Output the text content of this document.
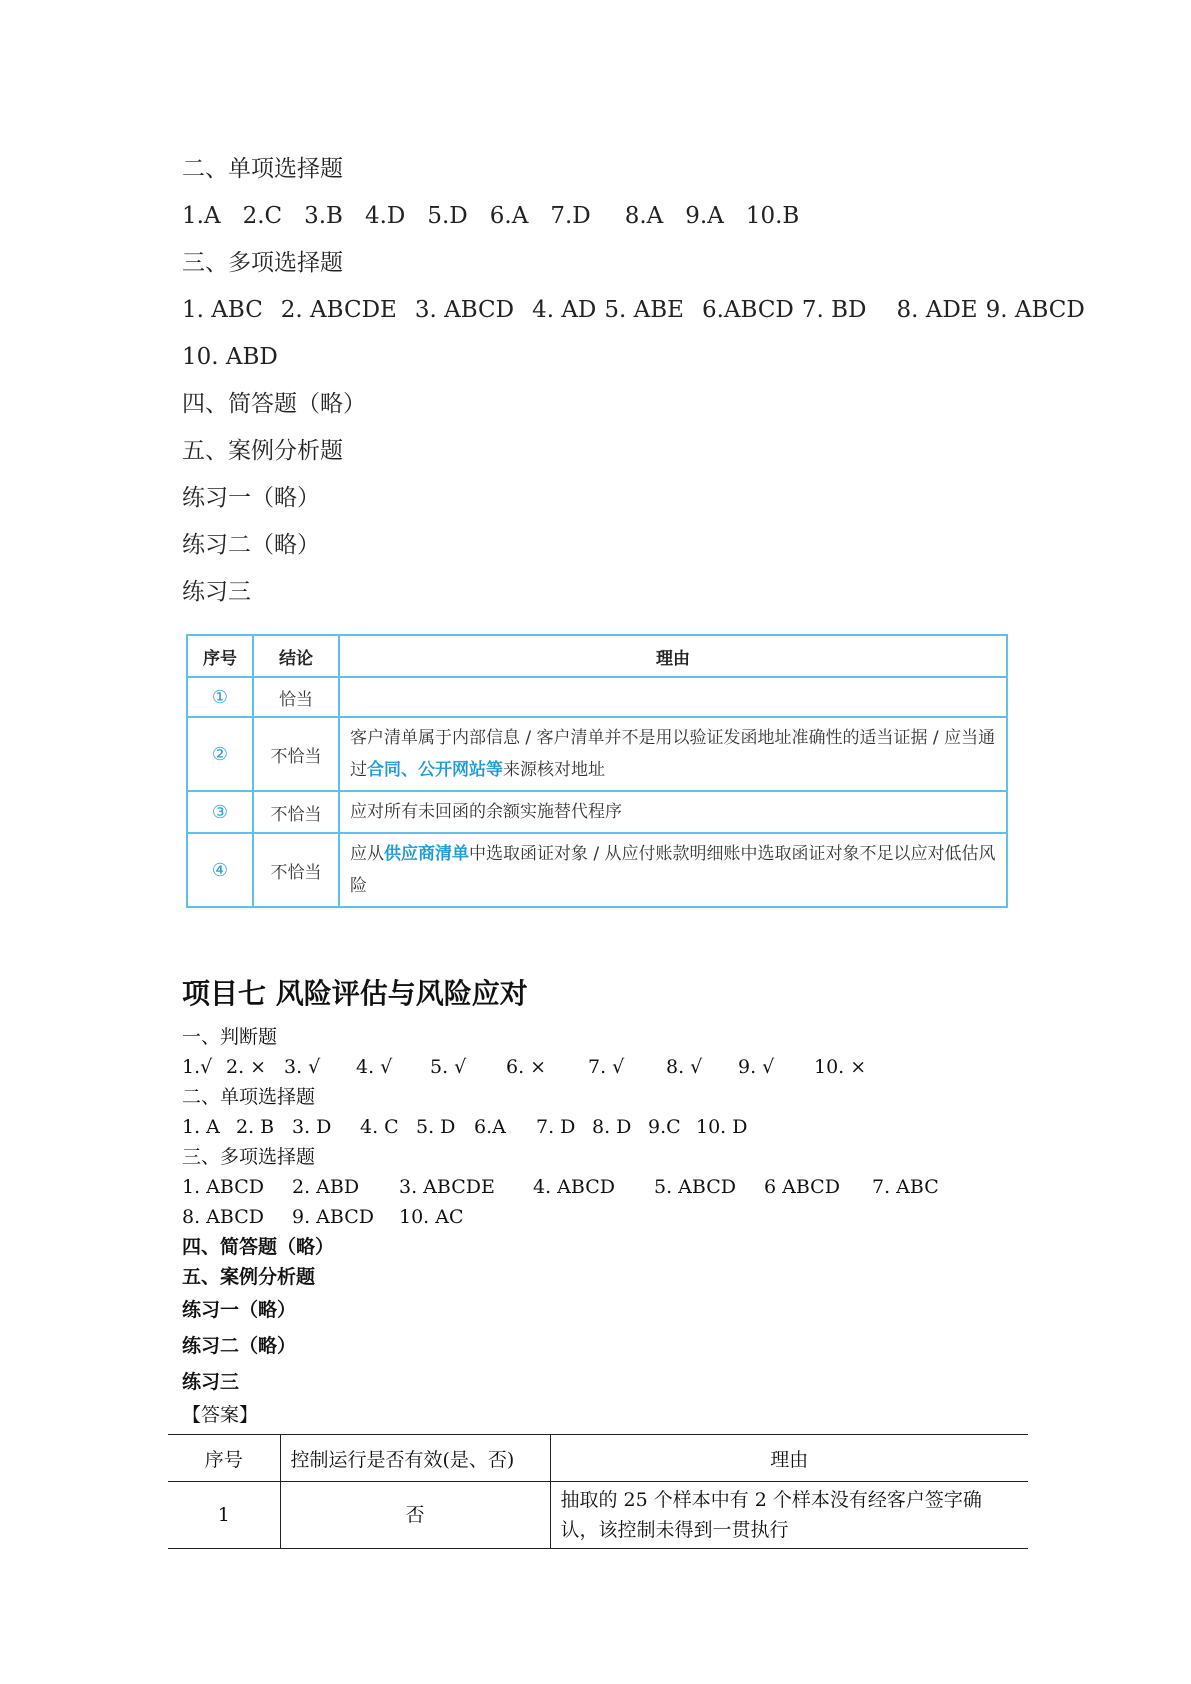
二、单项选择题
1.A 2.C 3.B 4.D 5.D 6.A 7.D 8.A 9.A 10.B
三、多项选择题
1. ABC 2. ABCDE 3. ABCD 4. AD 5. ABE 6.ABCD 7. BD 8. ADE 9. ABCD
10. ABD
四、简答题（略）
五、案例分析题
练习一（略）
练习二（略）
练习三
序号	结论	理由
①	恰当	
②	不恰当	客户清单属于内部信息 / 客户清单并不是用以验证发函地址准确性的适当证据 / 应当通过合同、公开网站等来源核对地址
③	不恰当	应对所有未回函的余额实施替代程序
④	不恰当	应从供应商清单中选取函证对象 / 从应付账款明细账中选取函证对象不足以应对低估风险
项目七 风险评估与风险应对
一、判断题
1.√ 2. × 3. √ 4. √ 5. √ 6. × 7. √ 8. √ 9. √ 10. ×
二、单项选择题
1. A 2. B 3. D 4. C 5. D 6.A 7. D 8. D 9.C 10. D
三、多项选择题
1. ABCD 2. ABD 3. ABCDE 4. ABCD 5. ABCD 6 ABCD 7. ABC
8. ABCD 9. ABCD 10. AC
四、简答题（略）
五、案例分析题
练习一（略）
练习二（略）
练习三
【答案】
序号	控制运行是否有效(是、否)	理由
1	否	抽取的 25 个样本中有 2 个样本没有经客户签字确认，该控制未得到一贯执行
